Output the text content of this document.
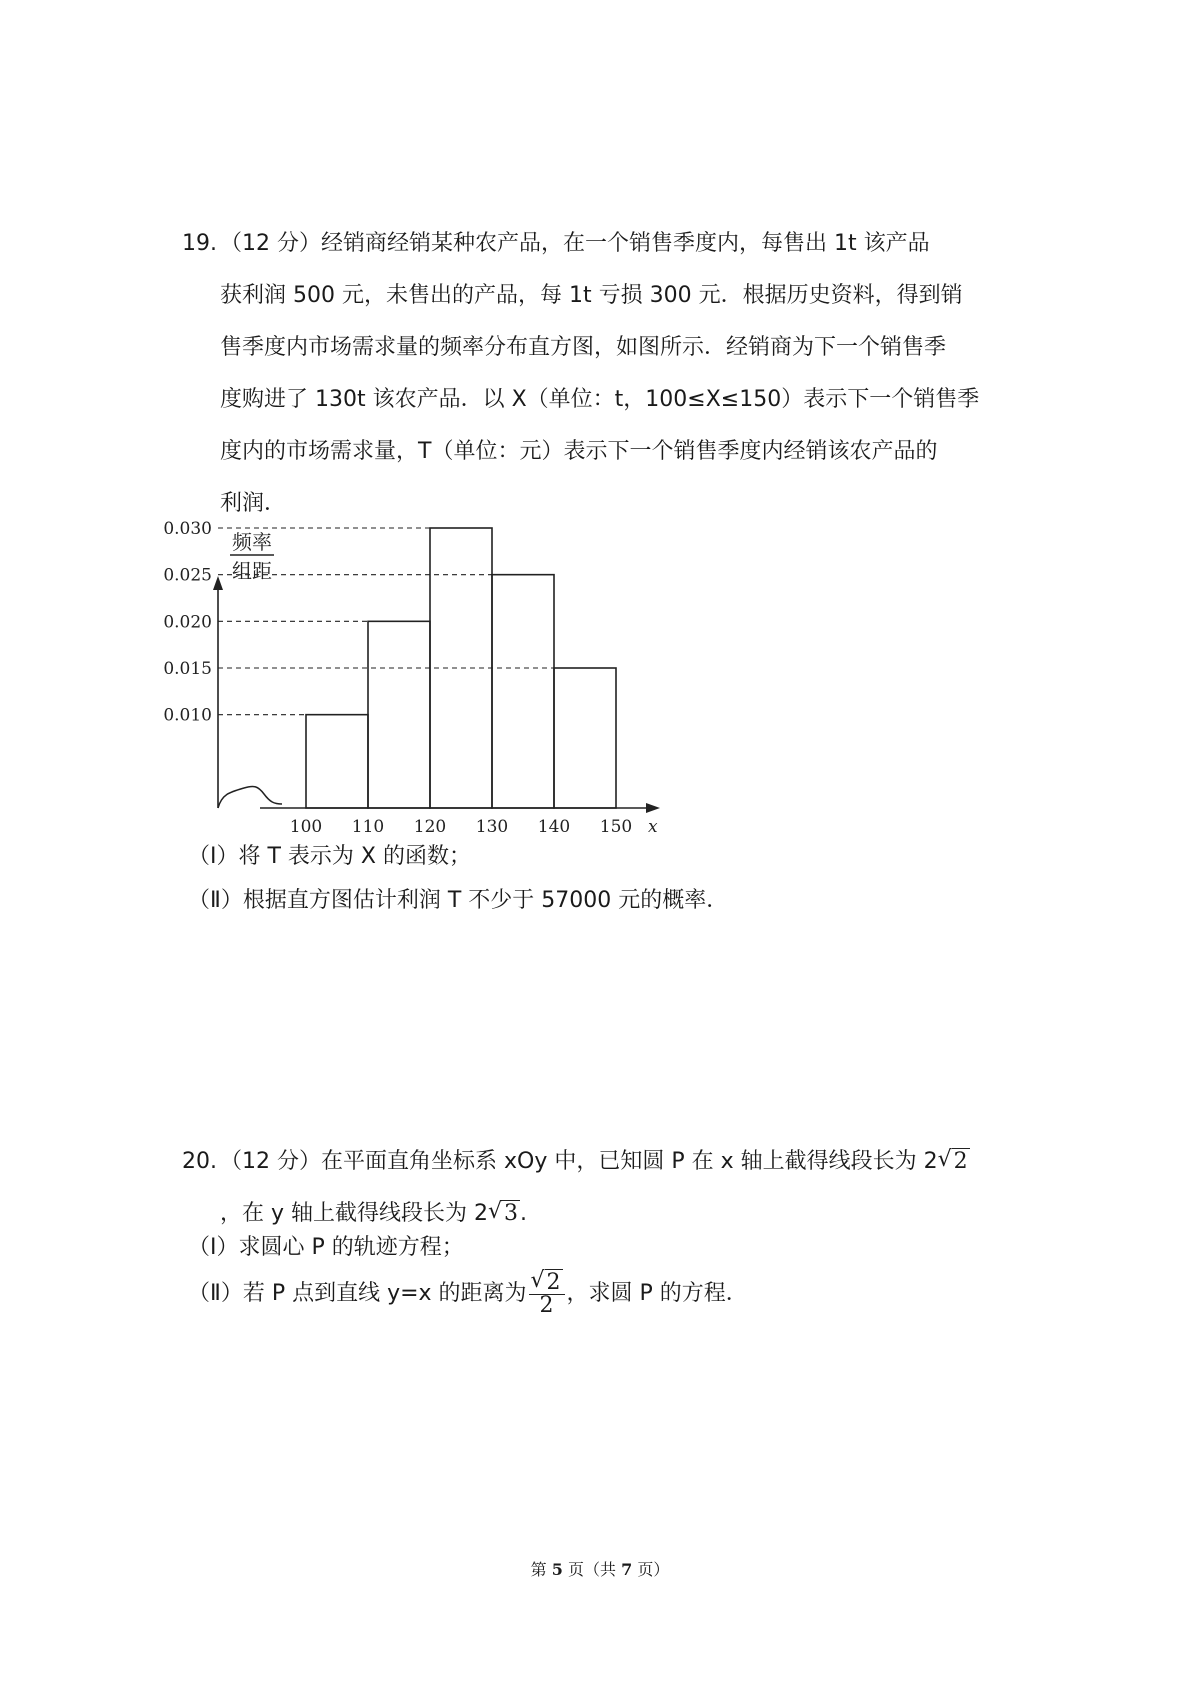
19. （12 分）经销商经销某种农产品，在一个销售季度内，每售出 1t 该产品
获利润 500 元，未售出的产品，每 1t 亏损 300 元．根据历史资料，得到销
售季度内市场需求量的频率分布直方图，如图所示．经销商为下一个销售季
度购进了 130t 该农产品．以 X（单位：t，100≤X≤150）表示下一个销售季
度内的市场需求量，T（单位：元）表示下一个销售季度内经销该农产品的
利润．
频率
组距
0.030
0.025
0.020
0.015
0.010
100 110 120 130 140 150 x
（Ⅰ）将 T 表示为 X 的函数；
（Ⅱ）根据直方图估计利润 T 不少于 57000 元的概率．
20. （12 分）在平面直角坐标系 xOy 中，已知圆 P 在 x 轴上截得线段长为 2 √ 2
，在 y 轴上截得线段长为 2 √ 3.
（Ⅰ）求圆心 P 的轨迹方程；
（Ⅱ）若 P 点到直线 y=x 的距离为 √ $\frac{2}{2}$ ，求圆 P 的方程．
第 5 页（共 7 页）
